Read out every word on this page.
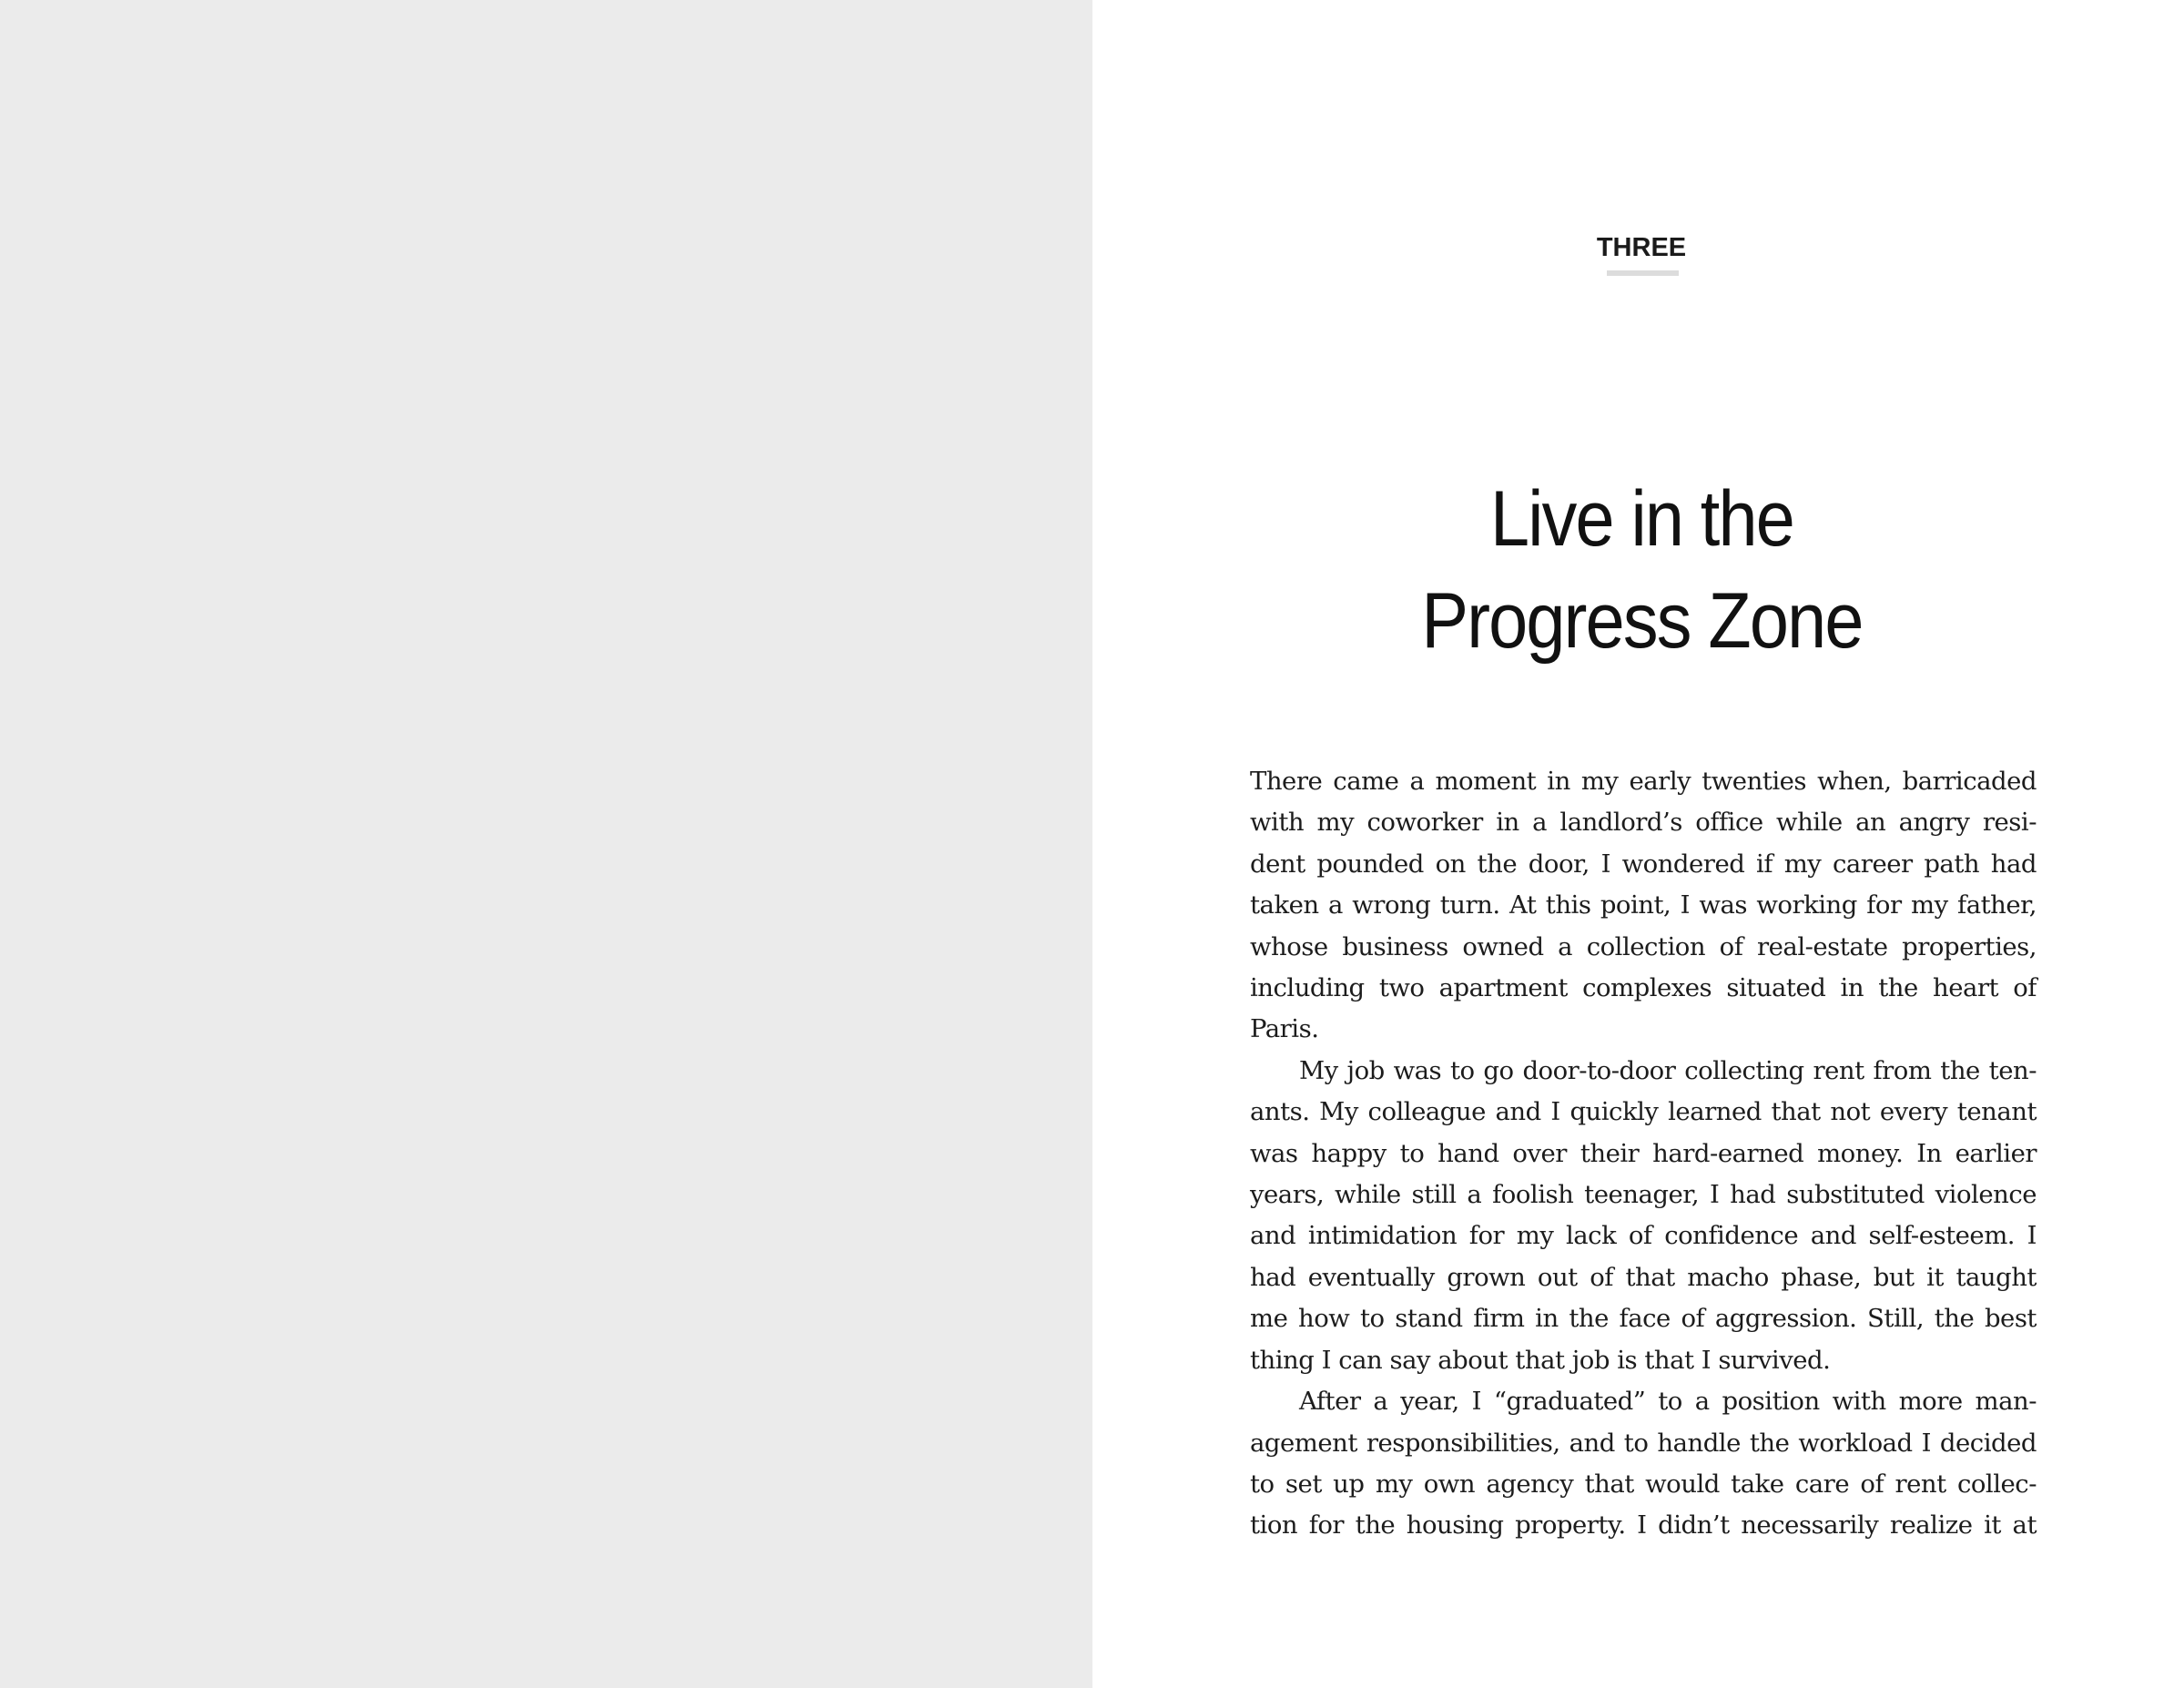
THREE
Live in the
Progress Zone

There came a moment in my early twenties when, barricaded
with my coworker in a landlord’s office while an angry resi-
dent pounded on the door, I wondered if my career path had
taken a wrong turn. At this point, I was working for my father,
whose business owned a collection of real-estate properties,
including two apartment complexes situated in the heart of
Paris.

My job was to go door-to-door collecting rent from the ten-
ants. My colleague and I quickly learned that not every tenant
was happy to hand over their hard-earned money. In earlier
years, while still a foolish teenager, I had substituted violence
and intimidation for my lack of confidence and self-esteem. I
had eventually grown out of that macho phase, but it taught
me how to stand firm in the face of aggression. Still, the best
thing I can say about that job is that I survived.

After a year, I “graduated” to a position with more man-
agement responsibilities, and to handle the workload I decided
to set up my own agency that would take care of rent collec-
tion for the housing property. I didn’t necessarily realize it at
